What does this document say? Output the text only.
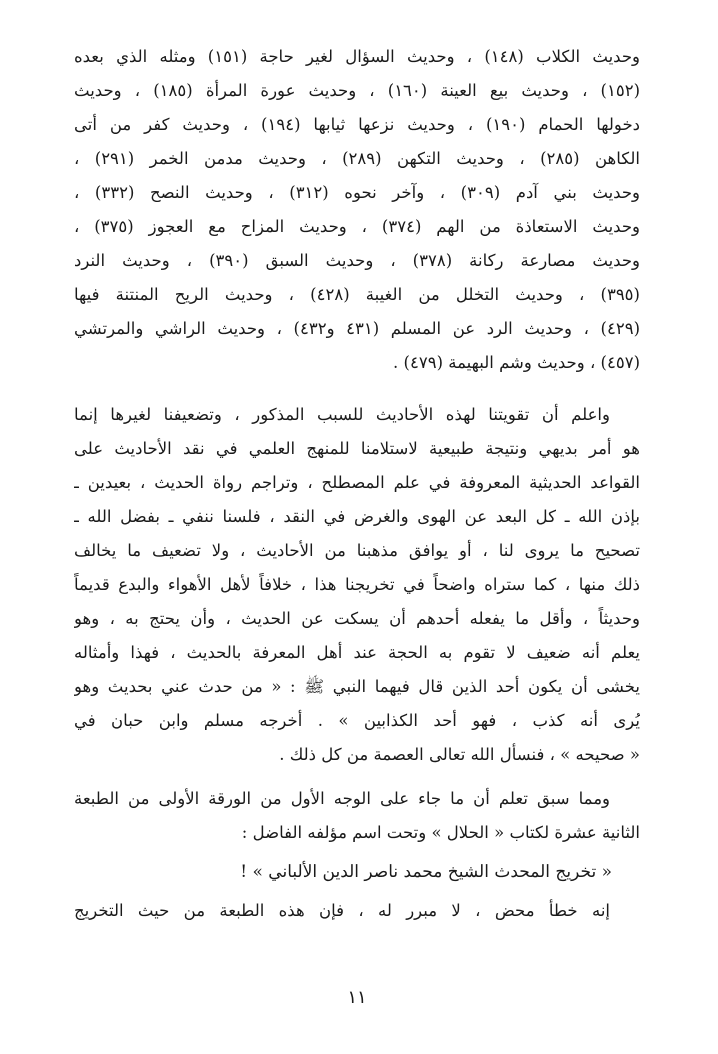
وحديث الكلاب (١٤٨) ، وحديث السؤال لغير حاجة (١٥١) ومثله الذي بعده
(١٥٢) ، وحديث بيع العينة (١٦٠) ، وحديث عورة المرأة (١٨٥) ، وحديث
دخولها الحمام (١٩٠) ، وحديث نزعها ثيابها (١٩٤) ، وحديث كفر من أتى
الكاهن (٢٨٥) ، وحديث التكهن (٢٨٩) ، وحديث مدمن الخمر (٢٩١) ،
وحديث بني آدم (٣٠٩) ، وآخر نحوه (٣١٢) ، وحديث النصح (٣٣٢) ،
وحديث الاستعاذة من الهم (٣٧٤) ، وحديث المزاح مع العجوز (٣٧٥) ،
وحديث مصارعة ركانة (٣٧٨) ، وحديث السبق (٣٩٠) ، وحديث النرد
(٣٩٥) ، وحديث التخلل من الغيبة (٤٢٨) ، وحديث الريح المنتنة فيها
(٤٢٩) ، وحديث الرد عن المسلم (٤٣١ و٤٣٢) ، وحديث الراشي والمرتشي
(٤٥٧) ، وحديث وشم البهيمة (٤٧٩) .
واعلم أن تقويتنا لهذه الأحاديث للسبب المذكور ، وتضعيفنا لغيرها إنما
هو أمر بديهي ونتيجة طبيعية لاستلامنا للمنهج العلمي في نقد الأحاديث على
القواعد الحديثية المعروفة في علم المصطلح ، وتراجم رواة الحديث ، بعيدين ـ
بإذن الله ـ كل البعد عن الهوى والغرض في النقد ، فلسنا ننفي ـ بفضل الله ـ
تصحيح ما يروى لنا ، أو يوافق مذهبنا من الأحاديث ، ولا تضعيف ما يخالف
ذلك منها ، كما ستراه واضحاً في تخريجنا هذا ، خلافاً لأهل الأهواء والبدع قديماً
وحديثاً ، وأقل ما يفعله أحدهم أن يسكت عن الحديث ، وأن يحتج به ، وهو
يعلم أنه ضعيف لا تقوم به الحجة عند أهل المعرفة بالحديث ، فهذا وأمثاله
يخشى أن يكون أحد الذين قال فيهما النبي ﷺ : « من حدث عني بحديث وهو
يُرى أنه كذب ، فهو أحد الكذابين » . أخرجه مسلم وابن حبان في
« صحيحه » ، فنسأل الله تعالى العصمة من كل ذلك .
ومما سبق تعلم أن ما جاء على الوجه الأول من الورقة الأولى من الطبعة
الثانية عشرة لكتاب « الحلال » وتحت اسم مؤلفه الفاضل :
« تخريج المحدث الشيخ محمد ناصر الدين الألباني » !
إنه خطأ محض ، لا مبرر له ، فإن هذه الطبعة من حيث التخريج
١١
